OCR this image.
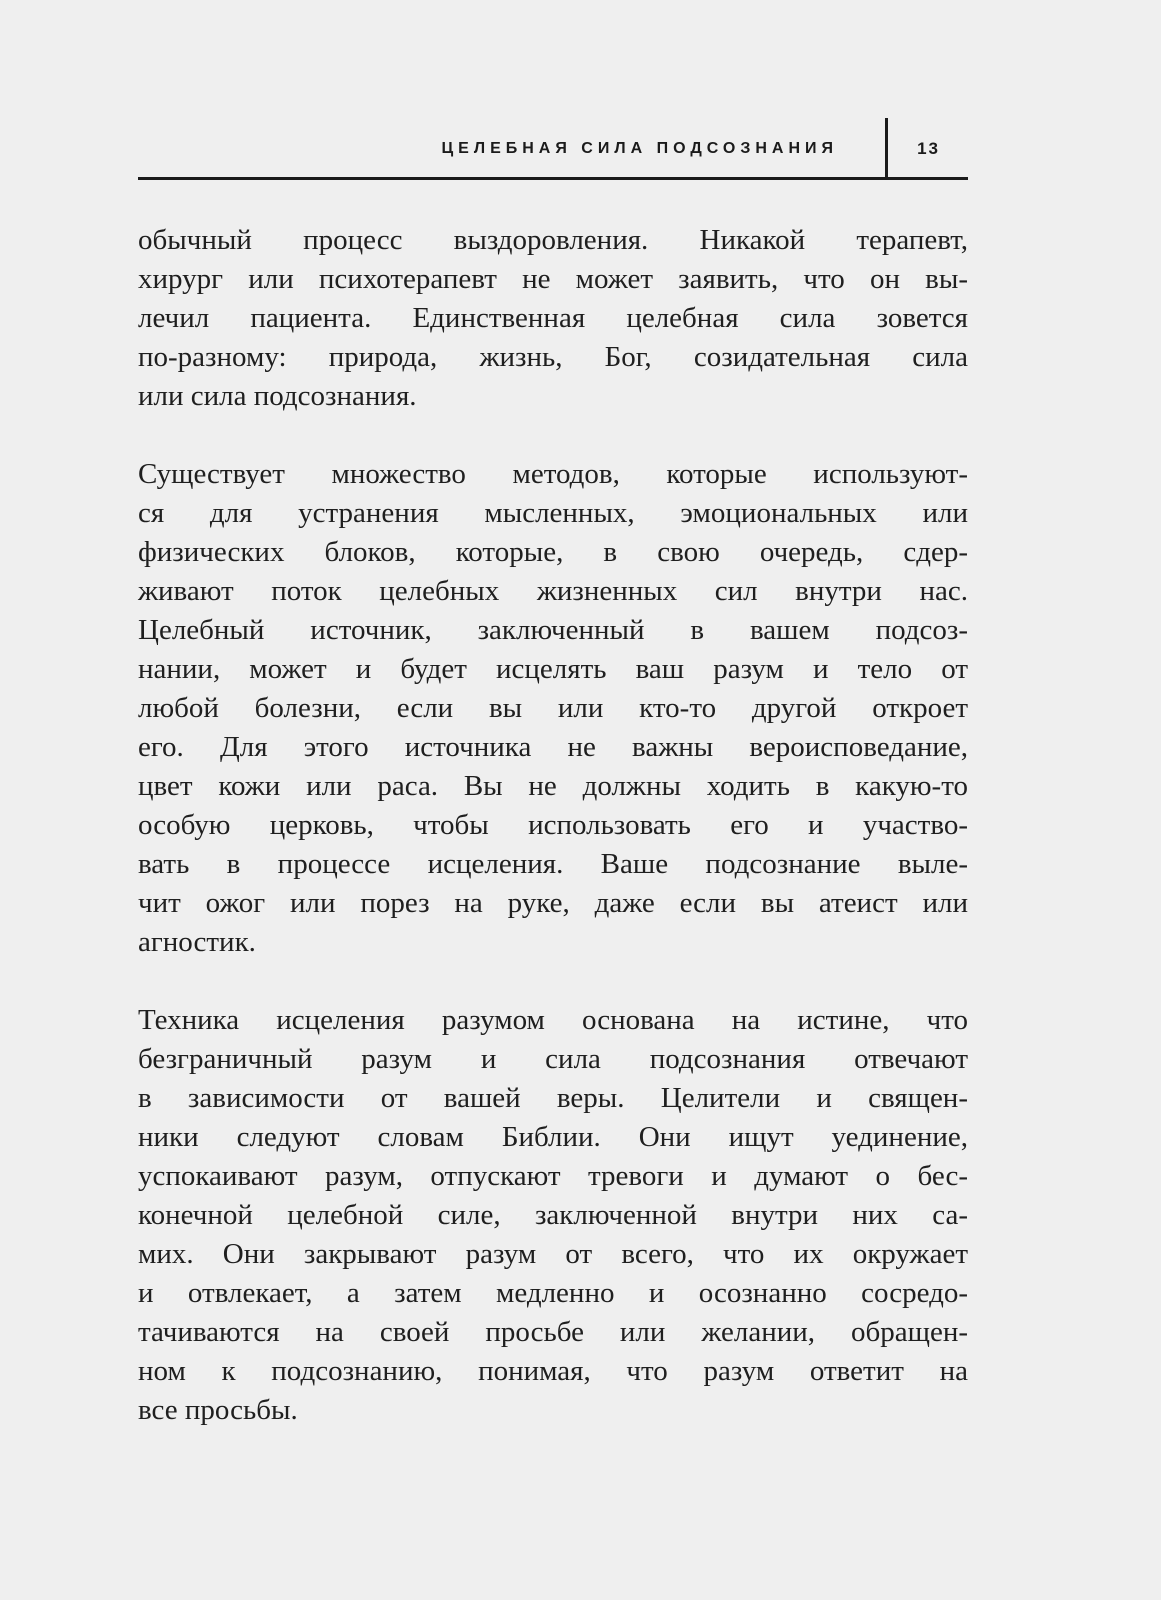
ЦЕЛЕБНАЯ СИЛА ПОДСОЗНАНИЯ	13

обычный процесс выздоровления. Никакой терапевт,
хирург или психотерапевт не может заявить, что он вы-
лечил пациента. Единственная целебная сила зовется
по-разному: природа, жизнь, Бог, созидательная сила
или сила подсознания.

Существует множество методов, которые используют-
ся для устранения мысленных, эмоциональных или
физических блоков, которые, в свою очередь, сдер-
живают поток целебных жизненных сил внутри нас.
Целебный источник, заключенный в вашем подсоз-
нании, может и будет исцелять ваш разум и тело от
любой болезни, если вы или кто-то другой откроет
его. Для этого источника не важны вероисповедание,
цвет кожи или раса. Вы не должны ходить в какую-то
особую церковь, чтобы использовать его и участво-
вать в процессе исцеления. Ваше подсознание выле-
чит ожог или порез на руке, даже если вы атеист или
агностик.

Техника исцеления разумом основана на истине, что
безграничный разум и сила подсознания отвечают
в зависимости от вашей веры. Целители и священ-
ники следуют словам Библии. Они ищут уединение,
успокаивают разум, отпускают тревоги и думают о бес-
конечной целебной силе, заключенной внутри них са-
мих. Они закрывают разум от всего, что их окружает
и отвлекает, а затем медленно и осознанно сосредо-
тачиваются на своей просьбе или желании, обращен-
ном к подсознанию, понимая, что разум ответит на
все просьбы.
